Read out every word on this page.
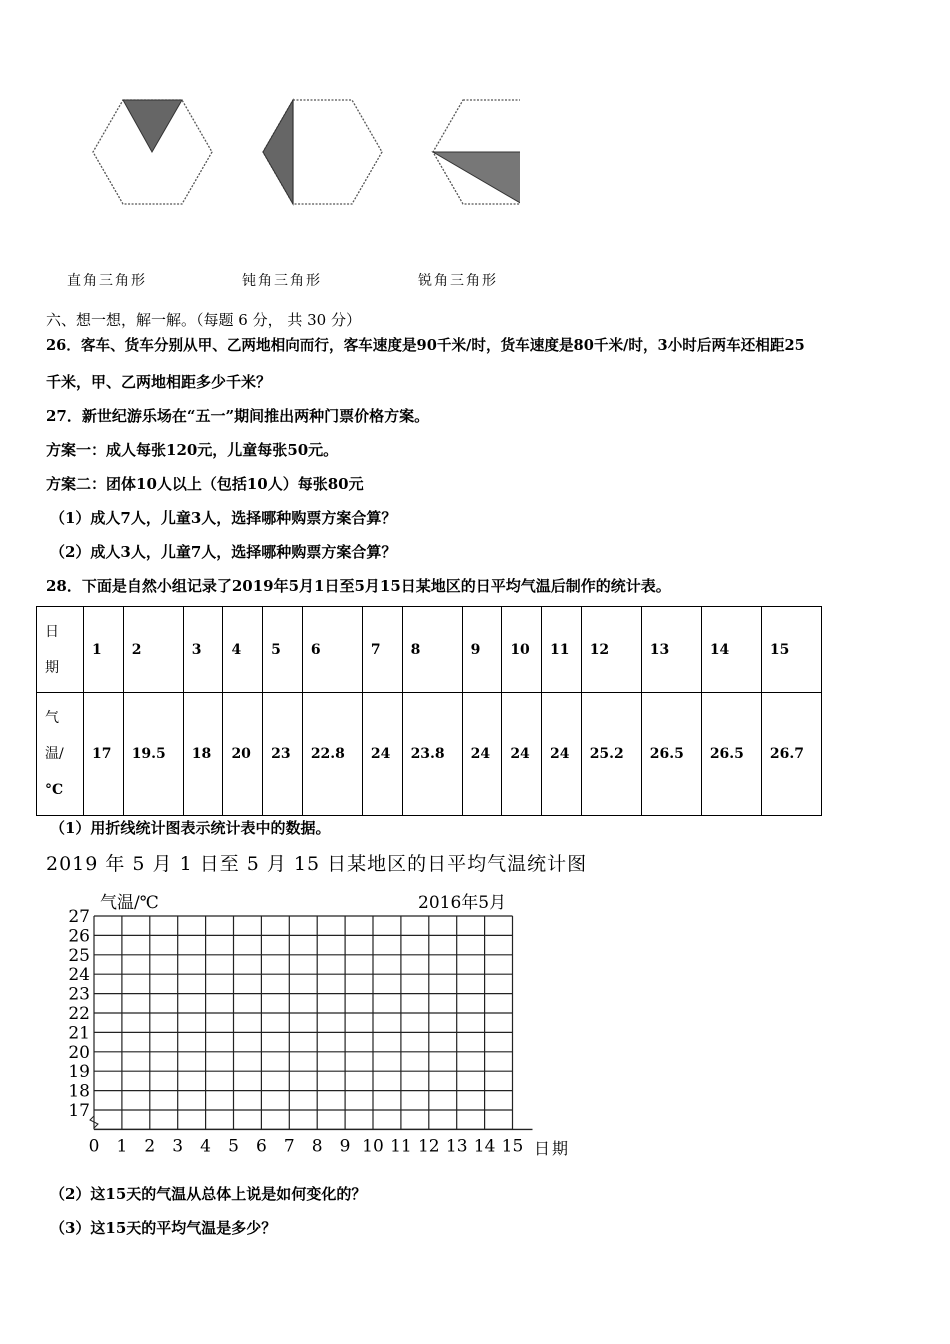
直角三角形	钝角三角形	锐角三角形
六、想一想，解一解。（每题 6 分， 共 30 分）
26．客车、货车分别从甲、乙两地相向而行，客车速度是90千米/时，货车速度是80千米/时，3小时后两车还相距25
千米，甲、乙两地相距多少千米？
27．新世纪游乐场在“五一”期间推出两种门票价格方案。
方案一：成人每张120元，儿童每张50元。
方案二：团体10人以上（包括10人）每张80元
（1）成人7人，儿童3人，选择哪种购票方案合算？
（2）成人3人，儿童7人，选择哪种购票方案合算？
28．下面是自然小组记录了2019年5月1日至5月15日某地区的日平均气温后制作的统计表。
日
期	1	2	3	4	5	6	7	8	9	10	11	12	13	14	15
气
温/
°C	17	19.5	18	20	23	22.8	24	23.8	24	24	24	25.2	26.5	26.5	26.7
（1）用折线统计图表示统计表中的数据。
2019 年 5 月 1 日至 5 月 15 日某地区的日平均气温统计图
气温/℃	2016年5月
日期
27
26
25
24
23
22
21
20
19
18
17
0 1 2 3 4 5 6 7 8 9 10 11 12 13 14 15
（2）这15天的气温从总体上说是如何变化的？
（3）这15天的平均气温是多少？
